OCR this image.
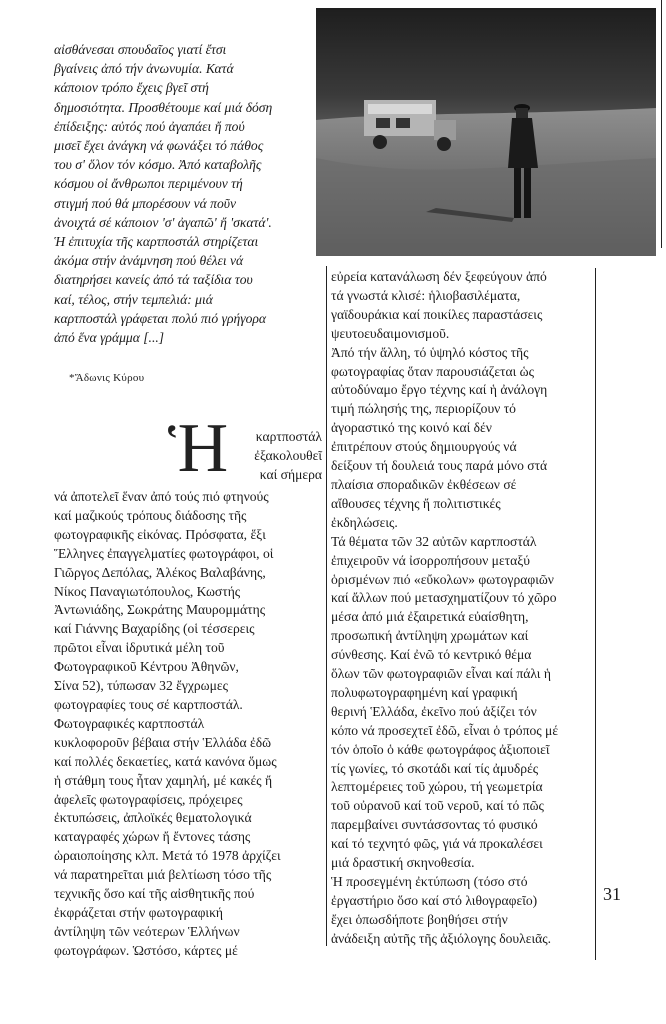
αἰσθάνεσαι σπουδαῖος γιατί ἔτσι
βγαίνεις ἀπό τήν ἀνωνυμία. Κατά
κάποιον τρόπο ἔχεις βγεῖ στή
δημοσιότητα. Προσθέτουμε καί μιά δόση
ἐπίδειξης: αὐτός πού ἀγαπάει ἤ πού
μισεῖ ἔχει ἀνάγκη νά φωνάξει τό πάθος
του σ' ὅλον τόν κόσμο. Ἀπό καταβολῆς
κόσμου οἱ ἄνθρωποι περιμένουν τή
στιγμή πού θά μπορέσουν νά ποῦν
ἀνοιχτά σέ κάποιον 'σ' ἀγαπῶ' ἤ 'σκατά'.
Ἡ ἐπιτυχία τῆς καρτποστάλ στηρίζεται
ἀκόμα στήν ἀνάμνηση πού θέλει νά
διατηρήσει κανείς ἀπό τά ταξίδια του
καί, τέλος, στήν τεμπελιά: μιά
καρτποστάλ γράφεται πολύ πιό γρήγορα
ἀπό ἕνα γράμμα [...]

*Ἄδωνις Κύρου
Ἡ	καρτποστάλ
ἐξακολουθεῖ
καί σήμερα
νά ἀποτελεῖ ἕναν ἀπό τούς πιό φτηνούς
καί μαζικούς τρόπους διάδοσης τῆς
φωτογραφικῆς εἰκόνας. Πρόσφατα, ἕξι
Ἕλληνες ἐπαγγελματίες φωτογράφοι, οἱ
Γιῶργος Δεπόλας, Ἀλέκος Βαλαβάνης,
Νίκος Παναγιωτόπουλος, Κωστής
Ἀντωνιάδης, Σωκράτης Μαυρομμάτης
καί Γιάννης Βαχαρίδης (οἱ τέσσερεις
πρῶτοι εἶναι ἱδρυτικά μέλη τοῦ
Φωτογραφικοῦ Κέντρου Ἀθηνῶν,
Σίνα 52), τύπωσαν 32 ἔγχρωμες
φωτογραφίες τους σέ καρτποστάλ.
Φωτογραφικές καρτποστάλ
κυκλοφοροῦν βέβαια στήν Ἑλλάδα ἐδῶ
καί πολλές δεκαετίες, κατά κανόνα ὅμως
ἡ στάθμη τους ἦταν χαμηλή, μέ κακές ἤ
ἀφελεῖς φωτογραφίσεις, πρόχειρες
ἐκτυπώσεις, ἀπλοϊκές θεματολογικά
καταγραφές χώρων ἤ ἔντονες τάσης
ὡραιοποίησης κλπ. Μετά τό 1978 ἀρχίζει
νά παρατηρεῖται μιά βελτίωση τόσο τῆς
τεχνικῆς ὅσο καί τῆς αἰσθητικῆς πού
ἐκφράζεται στήν φωτογραφική
ἀντίληψη τῶν νεότερων Ἑλλήνων
φωτογράφων. Ὡστόσο, κάρτες μέ
εὐρεία κατανάλωση δέν ξεφεύγουν ἀπό
τά γνωστά κλισέ: ἡλιοβασιλέματα,
γαϊδουράκια καί ποικίλες παραστάσεις
ψευτοευδαιμονισμοῦ.
Ἀπό τήν ἄλλη, τό ὑψηλό κόστος τῆς
φωτογραφίας ὅταν παρουσιάζεται ὡς
αὐτοδύναμο ἔργο τέχνης καί ἡ ἀνάλογη
τιμή πώλησής της, περιορίζουν τό
ἀγοραστικό της κοινό καί δέν
ἐπιτρέπουν στούς δημιουργούς νά
δείξουν τή δουλειά τους παρά μόνο στά
πλαίσια σποραδικῶν ἐκθέσεων σέ
αἴθουσες τέχνης ἤ πολιτιστικές
ἐκδηλώσεις.
Τά θέματα τῶν 32 αὐτῶν καρτποστάλ
ἐπιχειροῦν νά ἰσορροπήσουν μεταξύ
ὁρισμένων πιό «εὔκολων» φωτογραφιῶν
καί ἄλλων πού μετασχηματίζουν τό χῶρο
μέσα ἀπό μιά ἐξαιρετικά εὐαίσθητη,
προσωπική ἀντίληψη χρωμάτων καί
σύνθεσης. Καί ἐνῶ τό κεντρικό θέμα
ὅλων τῶν φωτογραφιῶν εἶναι καί πάλι ἡ
πολυφωτογραφημένη καί γραφική
θερινή Ἑλλάδα, ἐκεῖνο πού ἀξίζει τόν
κόπο νά προσεχτεῖ ἐδῶ, εἶναι ὁ τρόπος μέ
τόν ὁποῖο ὁ κάθε φωτογράφος ἀξιοποιεῖ
τίς γωνίες, τό σκοτάδι καί τίς ἀμυδρές
λεπτομέρειες τοῦ χώρου, τή γεωμετρία
τοῦ οὐρανοῦ καί τοῦ νεροῦ, καί τό πῶς
παρεμβαίνει συντάσσοντας τό φυσικό
καί τό τεχνητό φῶς, γιά νά προκαλέσει
μιά δραστική σκηνοθεσία.
Ἡ προσεγμένη ἐκτύπωση (τόσο στό
ἐργαστήριο ὅσο καί στό λιθογραφεῖο)
ἔχει ὁπωσδήποτε βοηθήσει στήν
ἀνάδειξη αὐτῆς τῆς ἀξιόλογης δουλειᾶς.
31
